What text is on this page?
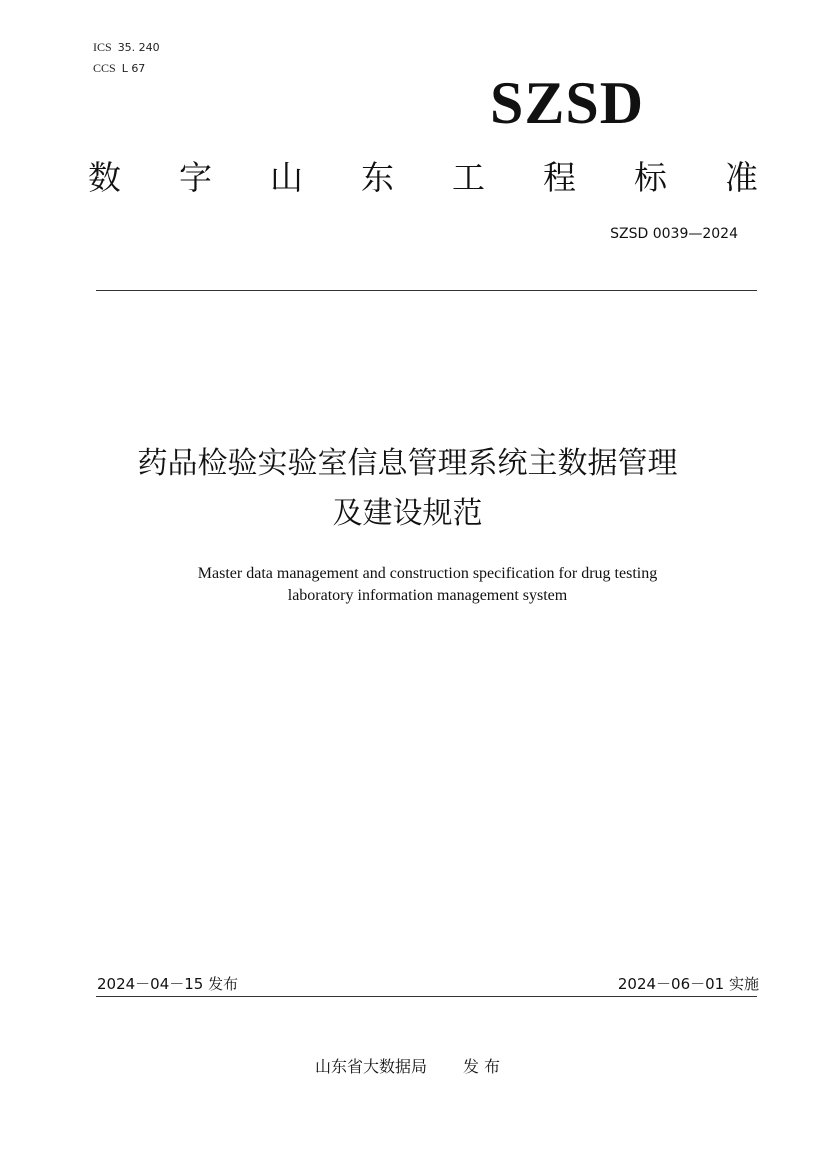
ICS 35. 240
CCS L 67
SZSD
数 字 山 东 工 程 标 准
SZSD 0039—2024
药品检验实验室信息管理系统主数据管理
及建设规范
Master data management and construction specification for drug testing
laboratory information management system
2024－04－15 发布	2024－06－01 实施
山东省大数据局 发 布
